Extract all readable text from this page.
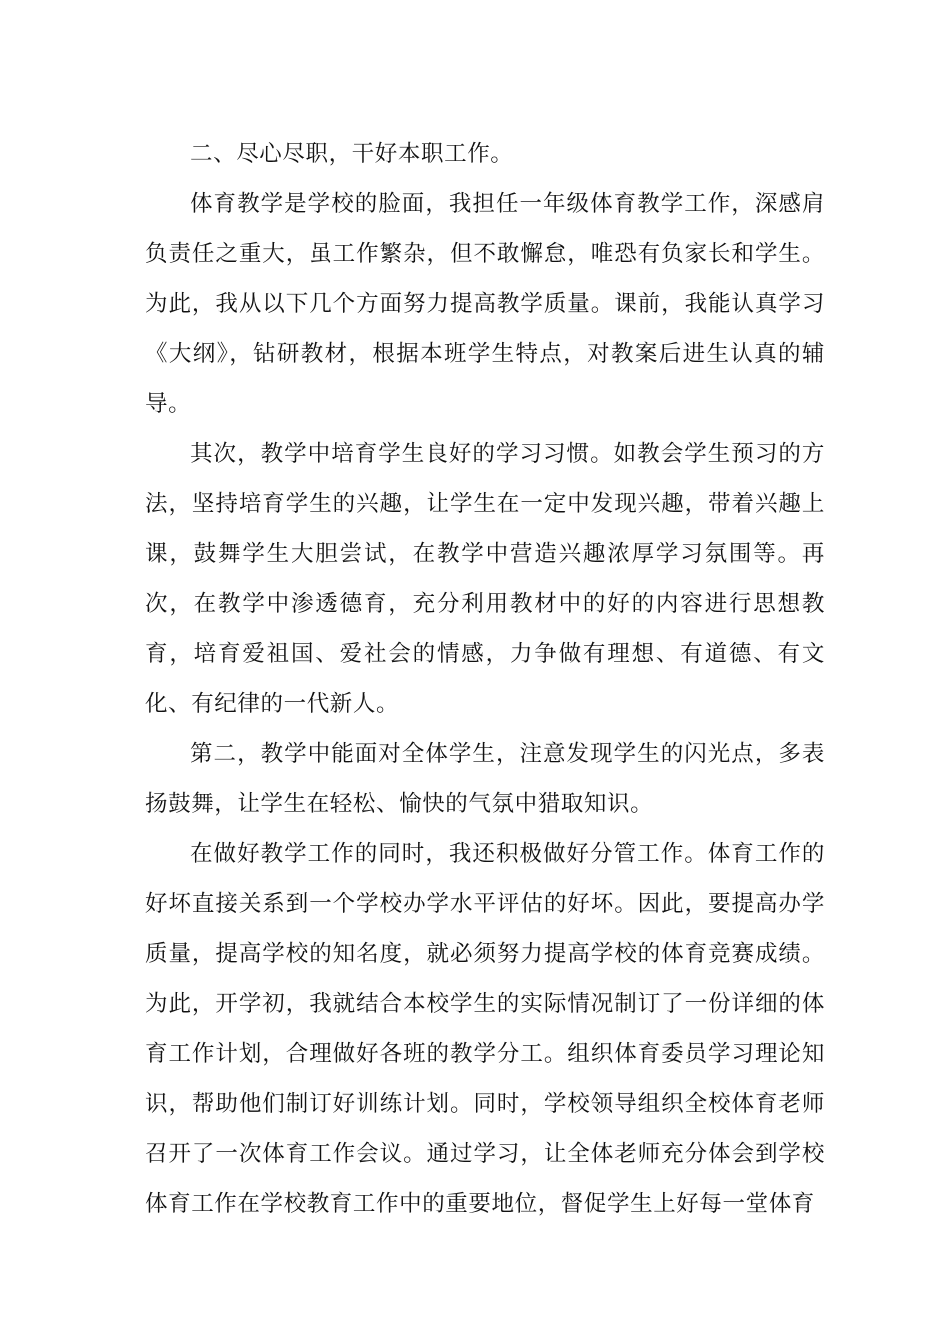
二、尽心尽职，干好本职工作。

体育教学是学校的脸面，我担任一年级体育教学工作，深感肩负责任之重大，虽工作繁杂，但不敢懈怠，唯恐有负家长和学生。为此，我从以下几个方面努力提高教学质量。课前，我能认真学习《大纲》，钻研教材，根据本班学生特点，对教案后进生认真的辅导。

其次，教学中培育学生良好的学习习惯。如教会学生预习的方法，坚持培育学生的兴趣，让学生在一定中发现兴趣，带着兴趣上课，鼓舞学生大胆尝试，在教学中营造兴趣浓厚学习氛围等。再次，在教学中渗透德育，充分利用教材中的好的内容进行思想教育，培育爱祖国、爱社会的情感，力争做有理想、有道德、有文化、有纪律的一代新人。

第二，教学中能面对全体学生，注意发现学生的闪光点，多表扬鼓舞，让学生在轻松、愉快的气氛中猎取知识。

在做好教学工作的同时，我还积极做好分管工作。体育工作的好坏直接关系到一个学校办学水平评估的好坏。因此，要提高办学质量，提高学校的知名度，就必须努力提高学校的体育竞赛成绩。为此，开学初，我就结合本校学生的实际情况制订了一份详细的体育工作计划，合理做好各班的教学分工。组织体育委员学习理论知识，帮助他们制订好训练计划。同时，学校领导组织全校体育老师召开了一次体育工作会议。通过学习，让全体老师充分体会到学校体育工作在学校教育工作中的重要地位，督促学生上好每一堂体育
